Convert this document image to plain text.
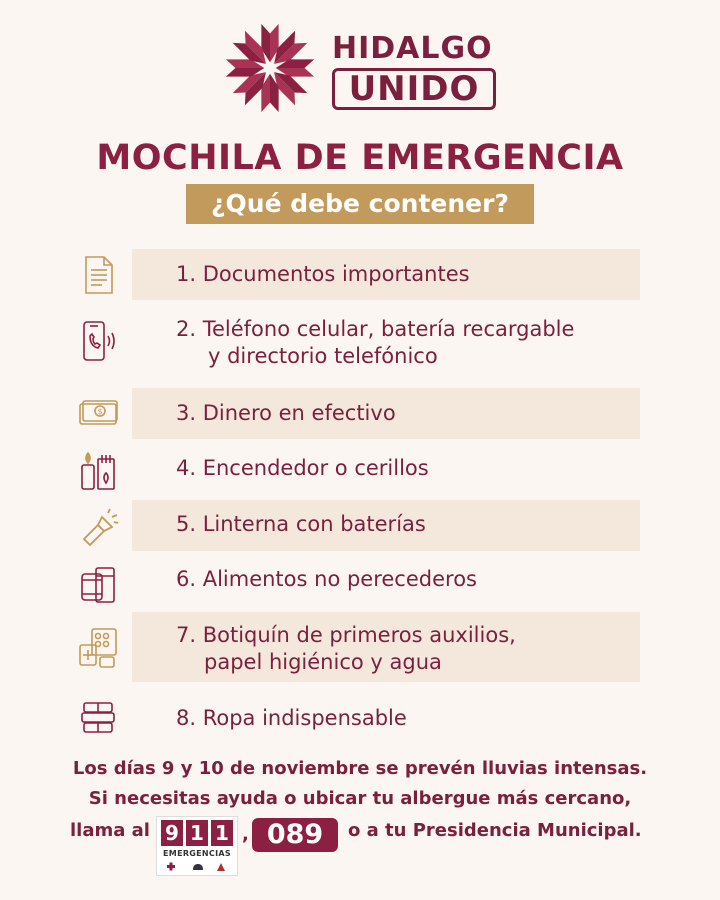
HIDALGO
UNIDO
MOCHILA DE EMERGENCIA
¿Qué debe contener?
$
1. Documentos importantes
2. Teléfono celular, batería recargable
y directorio telefónico
3. Dinero en efectivo
4. Encendedor o cerillos
5. Linterna con baterías
6. Alimentos no perecederos
7. Botiquín de primeros auxilios,
papel higiénico y agua
8. Ropa indispensable
Los días 9 y 10 de noviembre se prevén lluvias intensas.
Si necesitas ayuda o ubicar tu albergue más cercano,
llama al 9 1 1
EMERGENCIAS
, 089	o a tu Presidencia Municipal.
